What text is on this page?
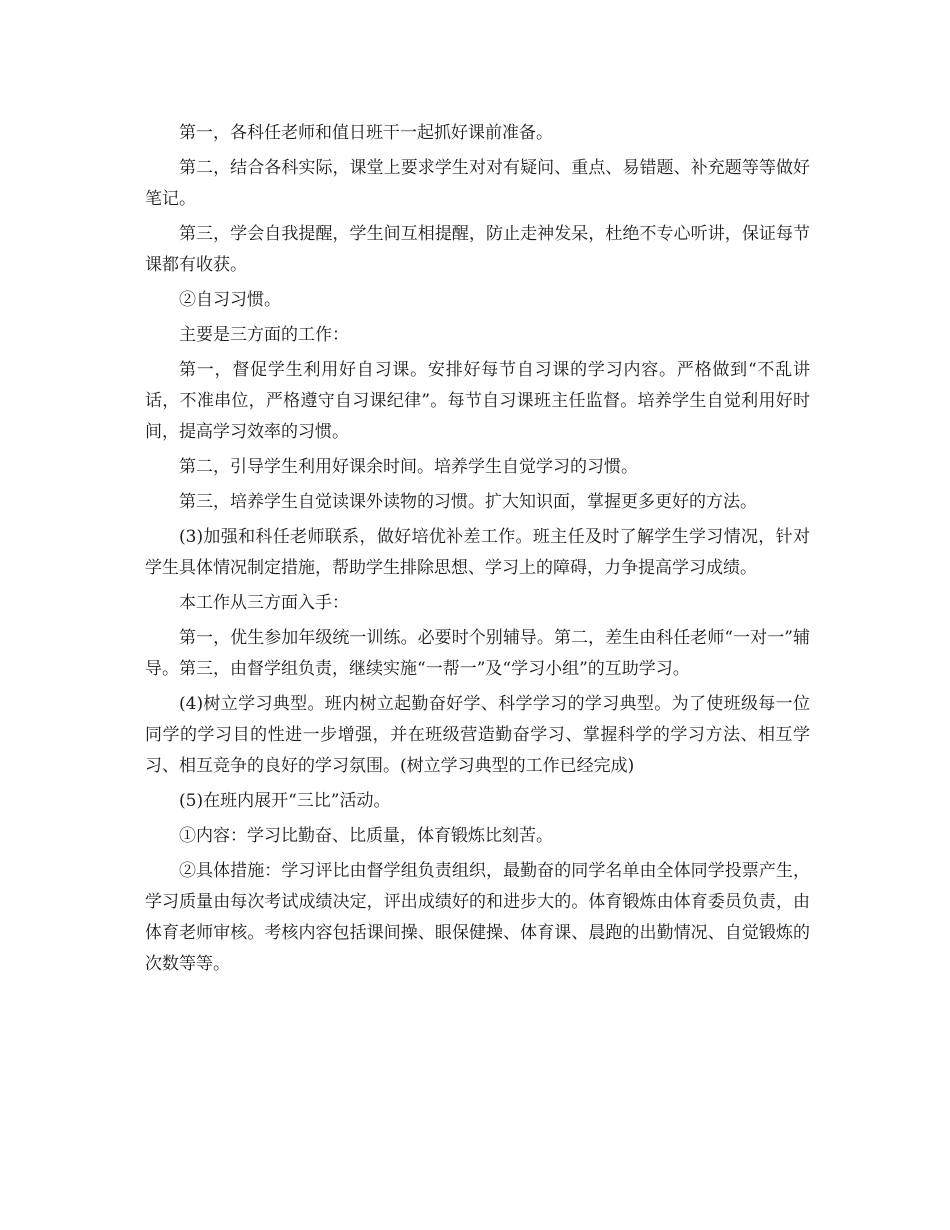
第一，各科任老师和值日班干一起抓好课前准备。

第二，结合各科实际，课堂上要求学生对对有疑问、重点、易错题、补充题等等做好笔记。

第三，学会自我提醒，学生间互相提醒，防止走神发呆，杜绝不专心听讲，保证每节课都有收获。

②自习习惯。

主要是三方面的工作：

第一，督促学生利用好自习课。安排好每节自习课的学习内容。严格做到“不乱讲话，不准串位，严格遵守自习课纪律”。每节自习课班主任监督。培养学生自觉利用好时间，提高学习效率的习惯。

第二，引导学生利用好课余时间。培养学生自觉学习的习惯。

第三，培养学生自觉读课外读物的习惯。扩大知识面，掌握更多更好的方法。

(3)加强和科任老师联系，做好培优补差工作。班主任及时了解学生学习情况，针对学生具体情况制定措施，帮助学生排除思想、学习上的障碍，力争提高学习成绩。

本工作从三方面入手：

第一，优生参加年级统一训练。必要时个别辅导。第二，差生由科任老师“一对一”辅导。第三，由督学组负责，继续实施“一帮一”及“学习小组”的互助学习。

(4)树立学习典型。班内树立起勤奋好学、科学学习的学习典型。为了使班级每一位同学的学习目的性进一步增强，并在班级营造勤奋学习、掌握科学的学习方法、相互学习、相互竞争的良好的学习氛围。(树立学习典型的工作已经完成)

(5)在班内展开“三比”活动。

①内容：学习比勤奋、比质量，体育锻炼比刻苦。

②具体措施：学习评比由督学组负责组织，最勤奋的同学名单由全体同学投票产生，学习质量由每次考试成绩决定，评出成绩好的和进步大的。体育锻炼由体育委员负责，由体育老师审核。考核内容包括课间操、眼保健操、体育课、晨跑的出勤情况、自觉锻炼的次数等等。
